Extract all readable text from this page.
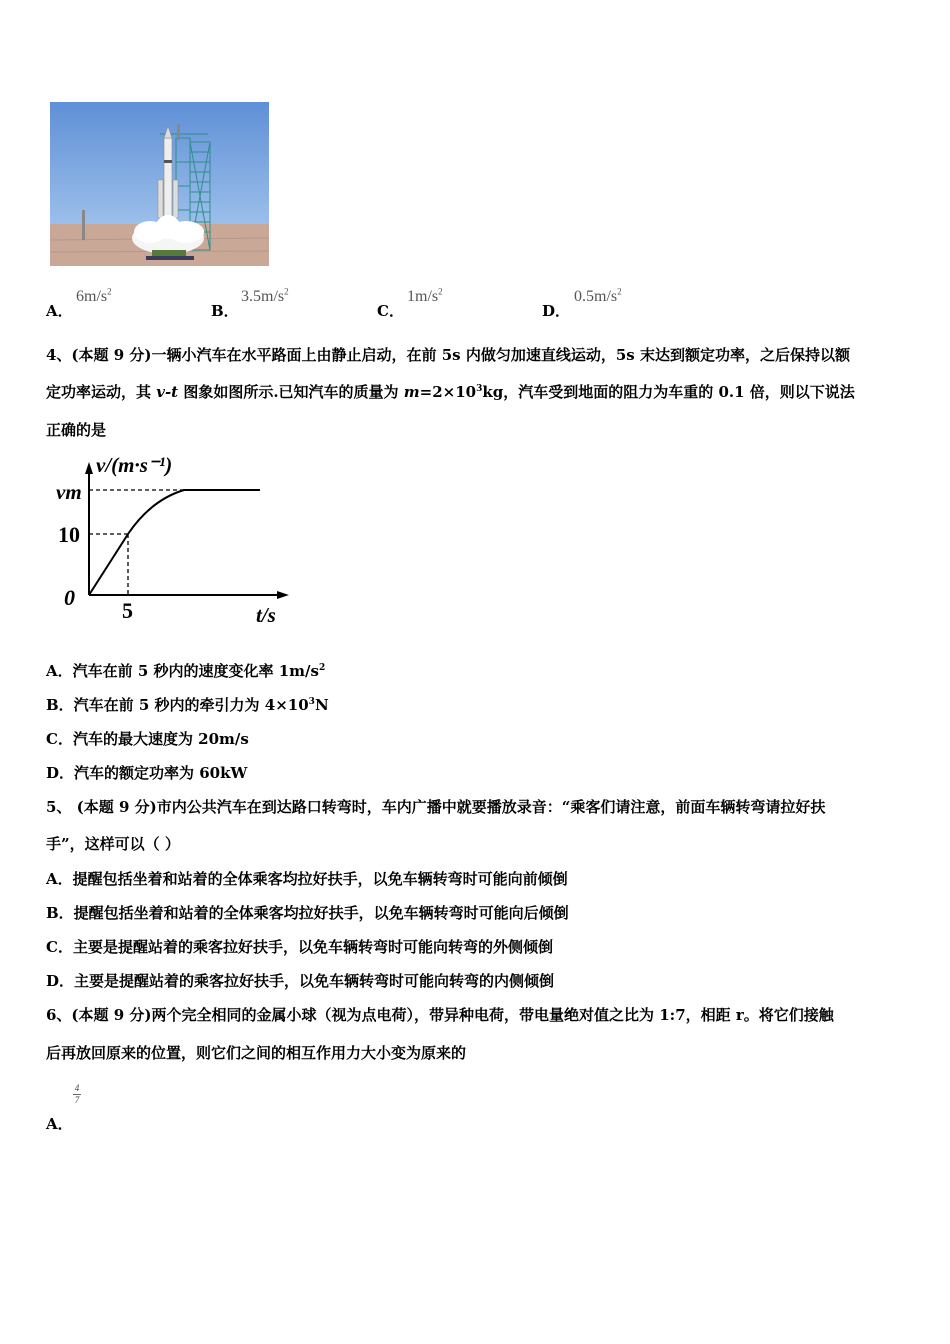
A．
$6m/s^2$
B．
$3.5m/s^2$
C．
$1m/s^2$
D．
$0.5m/s^2$
4、(本题 9 分)一辆小汽车在水平路面上由静止启动，在前 5s 内做匀加速直线运动，5s 末达到额定功率，之后保持以额
定功率运动，其 v-t 图象如图所示.已知汽车的质量为 $m=2\times 10^3kg$，汽车受到地面的阻力为车重的 0.1 倍，则以下说法
正确的是
v/(m·s⁻¹)
vm
10
0
5	t/s
A．汽车在前 5 秒内的速度变化率 $1m/s^2$
B．汽车在前 5 秒内的牵引力为 $4\times 10^3N$
C．汽车的最大速度为 20m/s
D．汽车的额定功率为 60kW
5、 (本题 9 分)市内公共汽车在到达路口转弯时，车内广播中就要播放录音：“乘客们请注意，前面车辆转弯请拉好扶
手”，这样可以（ ）
A．提醒包括坐着和站着的全体乘客均拉好扶手，以免车辆转弯时可能向前倾倒
B．提醒包括坐着和站着的全体乘客均拉好扶手，以免车辆转弯时可能向后倾倒
C．主要是提醒站着的乘客拉好扶手，以免车辆转弯时可能向转弯的外侧倾倒
D．主要是提醒站着的乘客拉好扶手，以免车辆转弯时可能向转弯的内侧倾倒
6、(本题 9 分)两个完全相同的金属小球（视为点电荷），带异种电荷，带电量绝对值之比为 1:7，相距 r。将它们接触
后再放回原来的位置，则它们之间的相互作用力大小变为原来的
4
7
A．
